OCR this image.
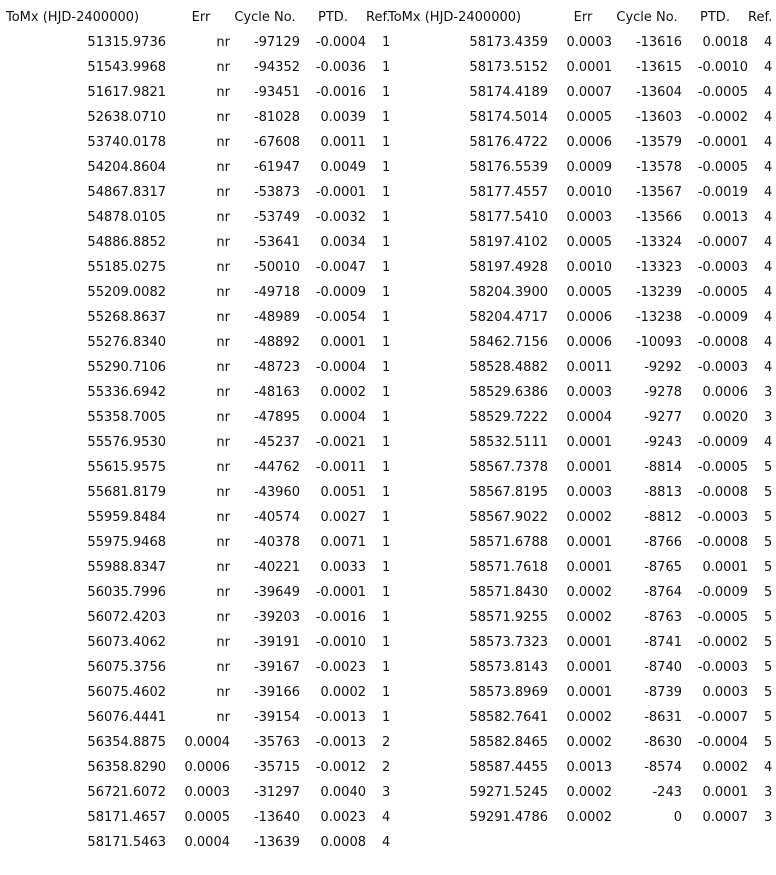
ToMx (HJD-2400000)	Err	Cycle No.	PTD.	Ref.
51315.9736	nr	-97129	-0.0004	1
51543.9968	nr	-94352	-0.0036	1
51617.9821	nr	-93451	-0.0016	1
52638.0710	nr	-81028	0.0039	1
53740.0178	nr	-67608	0.0011	1
54204.8604	nr	-61947	0.0049	1
54867.8317	nr	-53873	-0.0001	1
54878.0105	nr	-53749	-0.0032	1
54886.8852	nr	-53641	0.0034	1
55185.0275	nr	-50010	-0.0047	1
55209.0082	nr	-49718	-0.0009	1
55268.8637	nr	-48989	-0.0054	1
55276.8340	nr	-48892	0.0001	1
55290.7106	nr	-48723	-0.0004	1
55336.6942	nr	-48163	0.0002	1
55358.7005	nr	-47895	0.0004	1
55576.9530	nr	-45237	-0.0021	1
55615.9575	nr	-44762	-0.0011	1
55681.8179	nr	-43960	0.0051	1
55959.8484	nr	-40574	0.0027	1
55975.9468	nr	-40378	0.0071	1
55988.8347	nr	-40221	0.0033	1
56035.7996	nr	-39649	-0.0001	1
56072.4203	nr	-39203	-0.0016	1
56073.4062	nr	-39191	-0.0010	1
56075.3756	nr	-39167	-0.0023	1
56075.4602	nr	-39166	0.0002	1
56076.4441	nr	-39154	-0.0013	1
56354.8875	0.0004	-35763	-0.0013	2
56358.8290	0.0006	-35715	-0.0012	2
56721.6072	0.0003	-31297	0.0040	3
58171.4657	0.0005	-13640	0.0023	4
58171.5463	0.0004	-13639	0.0008	4
ToMx (HJD-2400000)	Err	Cycle No.	PTD.	Ref.
58173.4359	0.0003	-13616	0.0018	4
58173.5152	0.0001	-13615	-0.0010	4
58174.4189	0.0007	-13604	-0.0005	4
58174.5014	0.0005	-13603	-0.0002	4
58176.4722	0.0006	-13579	-0.0001	4
58176.5539	0.0009	-13578	-0.0005	4
58177.4557	0.0010	-13567	-0.0019	4
58177.5410	0.0003	-13566	0.0013	4
58197.4102	0.0005	-13324	-0.0007	4
58197.4928	0.0010	-13323	-0.0003	4
58204.3900	0.0005	-13239	-0.0005	4
58204.4717	0.0006	-13238	-0.0009	4
58462.7156	0.0006	-10093	-0.0008	4
58528.4882	0.0011	-9292	-0.0003	4
58529.6386	0.0003	-9278	0.0006	3
58529.7222	0.0004	-9277	0.0020	3
58532.5111	0.0001	-9243	-0.0009	4
58567.7378	0.0001	-8814	-0.0005	5
58567.8195	0.0003	-8813	-0.0008	5
58567.9022	0.0002	-8812	-0.0003	5
58571.6788	0.0001	-8766	-0.0008	5
58571.7618	0.0001	-8765	0.0001	5
58571.8430	0.0002	-8764	-0.0009	5
58571.9255	0.0002	-8763	-0.0005	5
58573.7323	0.0001	-8741	-0.0002	5
58573.8143	0.0001	-8740	-0.0003	5
58573.8969	0.0001	-8739	0.0003	5
58582.7641	0.0002	-8631	-0.0007	5
58582.8465	0.0002	-8630	-0.0004	5
58587.4455	0.0013	-8574	0.0002	4
59271.5245	0.0002	-243	0.0001	3
59291.4786	0.0002	0	0.0007	3
